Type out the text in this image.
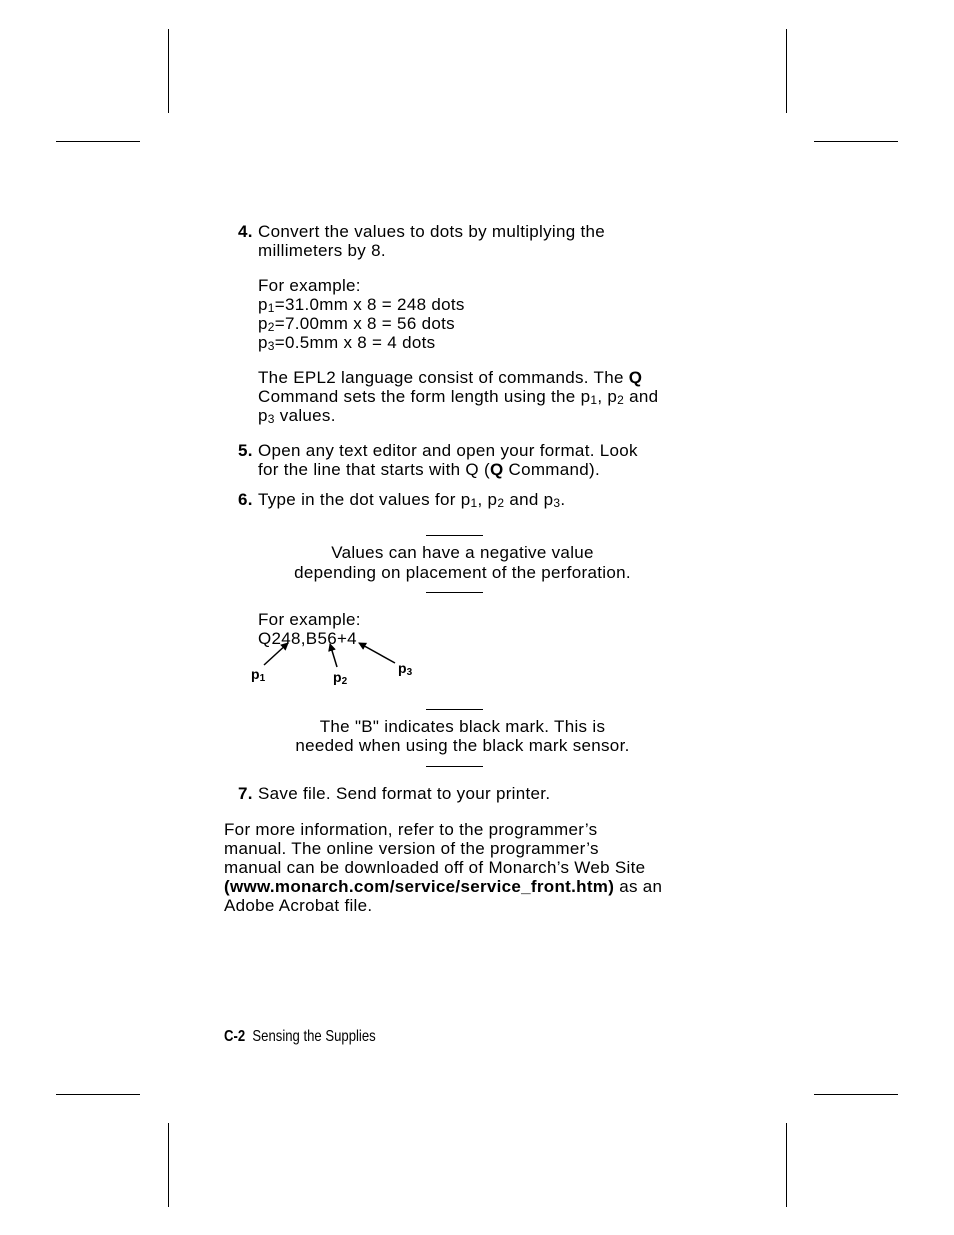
4. Convert the values to dots by multiplying the
millimeters by 8.
For example:
$p_1=31.0mm$ x 8 = 248 dots
$p_2=7.00mm$ x 8 = 56 dots
$p_3=0.5mm$ x 8 = 4 dots
The EPL2 language consist of commands. The Q
Command sets the form length using the $p_1$, $p_2$ and
$p_3$ values.
5. Open any text editor and open your format. Look
for the line that starts with Q (Q Command).
6. Type in the dot values for $p_1$, $p_2$ and $p_3$.
Values can have a negative value
depending on placement of the perforation.
For example:
Q248,B56+4
$p_1$	$p_2$
$p_3$
The "B" indicates black mark. This is
needed when using the black mark sensor.
7. Save file. Send format to your printer.
For more information, refer to the programmer’s
manual. The online version of the programmer’s
manual can be downloaded off of Monarch’s Web Site
(www.monarch.com/service/service_front.htm) as an
Adobe Acrobat file.
C-2 Sensing the Supplies
